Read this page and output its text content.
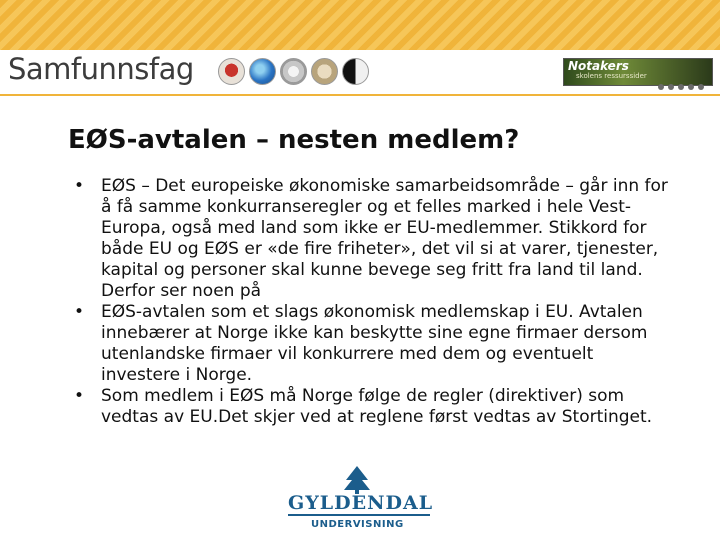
Samfunnsfag	Notakers
skolens ressurssider
EØS-avtalen – nesten medlem?
• EØS – Det europeiske økonomiske samarbeidsområde – går inn for å få samme konkurranseregler og et felles marked i hele Vest-Europa, også med land som ikke er EU-medlemmer. Stikkord for både EU og EØS er «de fire friheter», det vil si at varer, tjenester, kapital og personer skal kunne bevege seg fritt fra land til land. Derfor ser noen på
• EØS-avtalen som et slags økonomisk medlemskap i EU. Avtalen innebærer at Norge ikke kan beskytte sine egne firmaer dersom utenlandske firmaer vil konkurrere med dem og eventuelt investere i Norge.
• Som medlem i EØS må Norge følge de regler (direktiver) som vedtas av EU.Det skjer ved at reglene først vedtas av Stortinget.
GYLDENDAL
UNDERVISNING
